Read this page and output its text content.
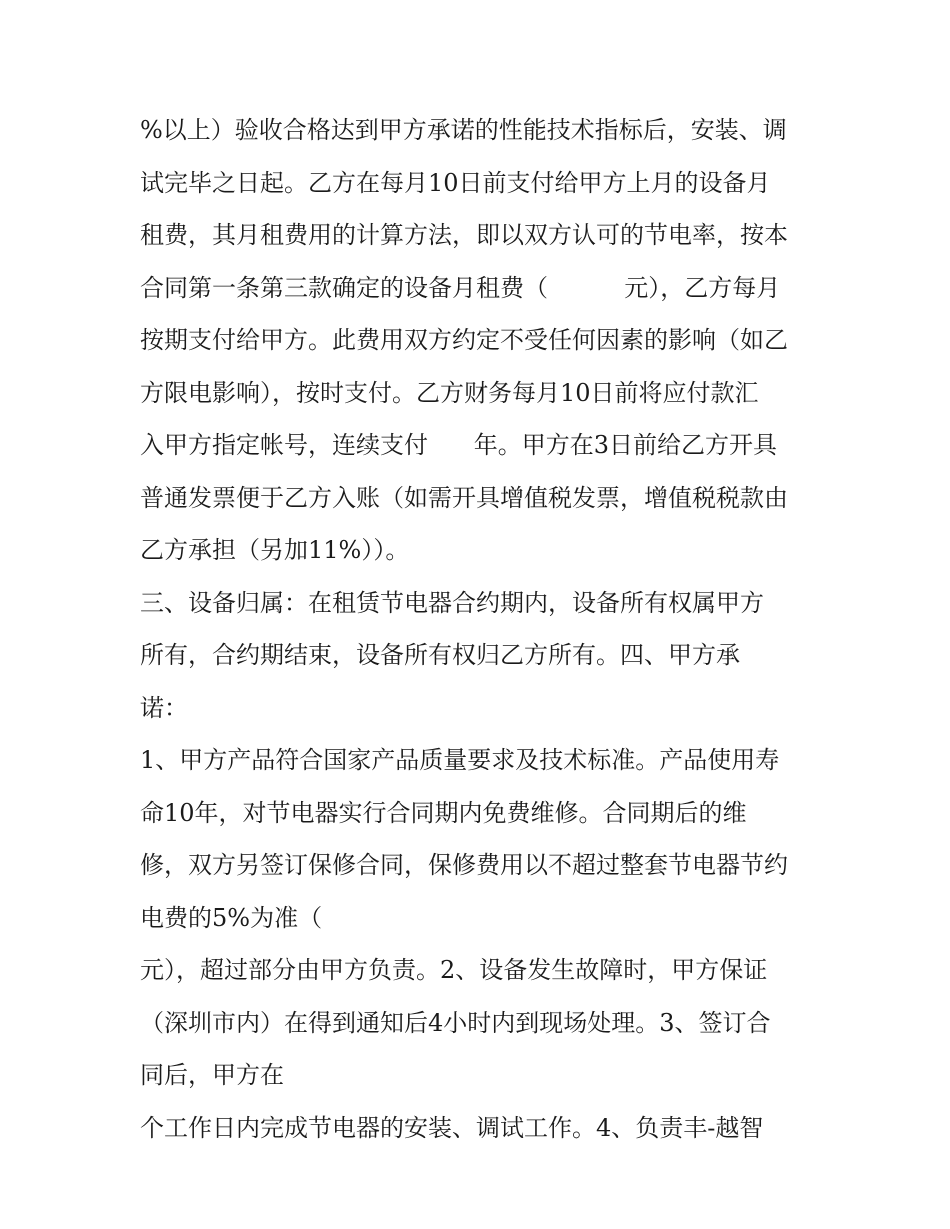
%以上）验收合格达到甲方承诺的性能技术指标后，安装、调
试完毕之日起。乙方在每月10日前支付给甲方上月的设备月
租费，其月租费用的计算方法，即以双方认可的节电率，按本
合同第一条第三款确定的设备月租费（          元），乙方每月
按期支付给甲方。此费用双方约定不受任何因素的影响（如乙
方限电影响），按时支付。乙方财务每月10日前将应付款汇
入甲方指定帐号，连续支付      年。甲方在3日前给乙方开具
普通发票便于乙方入账（如需开具增值税发票，增值税税款由
乙方承担（另加11%））。
三、设备归属：在租赁节电器合约期内，设备所有权属甲方
所有，合约期结束，设备所有权归乙方所有。四、甲方承
诺：
1、甲方产品符合国家产品质量要求及技术标准。产品使用寿
命10年，对节电器实行合同期内免费维修。合同期后的维
修，双方另签订保修合同，保修费用以不超过整套节电器节约
电费的5%为准（
元），超过部分由甲方负责。2、设备发生故障时，甲方保证
（深圳市内）在得到通知后4小时内到现场处理。3、签订合
同后，甲方在
个工作日内完成节电器的安装、调试工作。4、负责丰-越智
